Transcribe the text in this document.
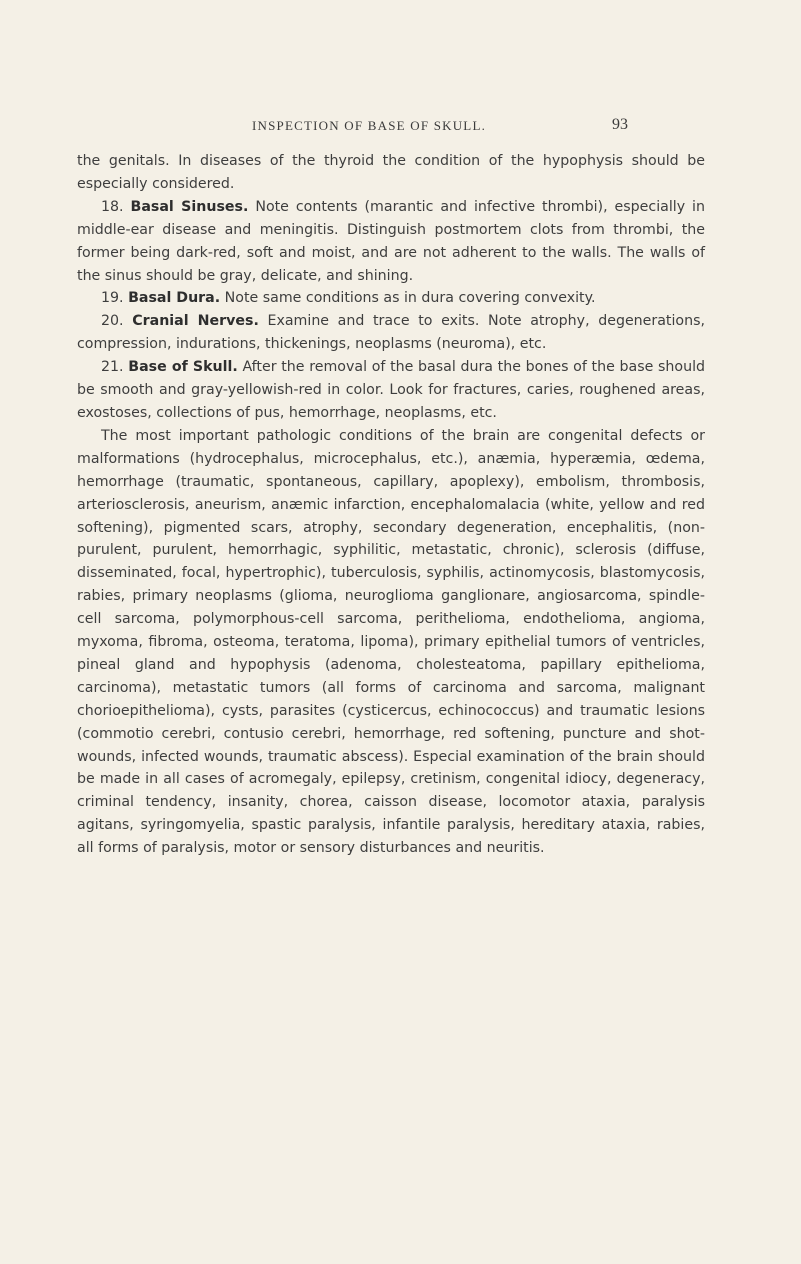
INSPECTION OF BASE OF SKULL.	93

the genitals. In diseases of the thyroid the condition of the hypophysis should be especially considered.

18. Basal Sinuses. Note contents (marantic and infective thrombi), especially in middle-ear disease and meningitis. Distinguish postmortem clots from thrombi, the former being dark-red, soft and moist, and are not adherent to the walls. The walls of the sinus should be gray, delicate, and shining.

19. Basal Dura. Note same conditions as in dura covering convexity.

20. Cranial Nerves. Examine and trace to exits. Note atrophy, degenerations, compression, indurations, thickenings, neoplasms (neuroma), etc.

21. Base of Skull. After the removal of the basal dura the bones of the base should be smooth and gray-yellowish-red in color. Look for fractures, caries, roughened areas, exostoses, collections of pus, hemorrhage, neoplasms, etc.

The most important pathologic conditions of the brain are congenital defects or malformations (hydrocephalus, microcephalus, etc.), anæmia, hyperæmia, œdema, hemorrhage (traumatic, spontaneous, capillary, apoplexy), embolism, thrombosis, arteriosclerosis, aneurism, anæmic infarction, encephalomalacia (white, yellow and red softening), pigmented scars, atrophy, secondary degeneration, encephalitis, (non-purulent, purulent, hemorrhagic, syphilitic, metastatic, chronic), sclerosis (diffuse, disseminated, focal, hypertrophic), tuberculosis, syphilis, actinomycosis, blastomycosis, rabies, primary neoplasms (glioma, neuroglioma ganglionare, angiosarcoma, spindle-cell sarcoma, polymorphous-cell sarcoma, perithelioma, endothelioma, angioma, myxoma, fibroma, osteoma, teratoma, lipoma), primary epithelial tumors of ventricles, pineal gland and hypophysis (adenoma, cholesteatoma, papillary epithelioma, carcinoma), metastatic tumors (all forms of carcinoma and sarcoma, malignant chorioepithelioma), cysts, parasites (cysticercus, echinococcus) and traumatic lesions (commotio cerebri, contusio cerebri, hemorrhage, red softening, puncture and shot-wounds, infected wounds, traumatic abscess). Especial examination of the brain should be made in all cases of acromegaly, epilepsy, cretinism, congenital idiocy, degeneracy, criminal tendency, insanity, chorea, caisson disease, locomotor ataxia, paralysis agitans, syringomyelia, spastic paralysis, infantile paralysis, hereditary ataxia, rabies, all forms of paralysis, motor or sensory disturbances and neuritis.
